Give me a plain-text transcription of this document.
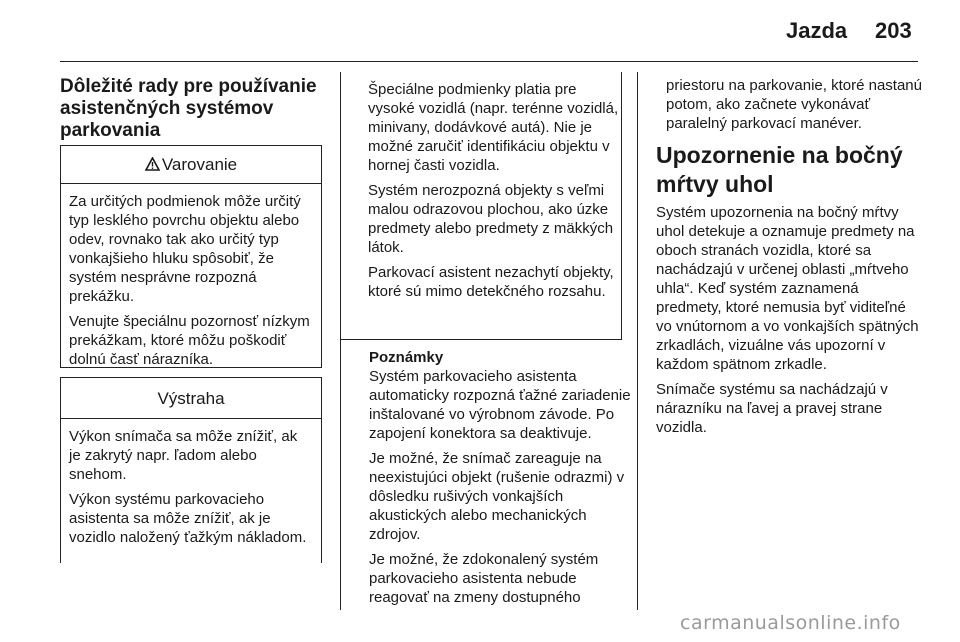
Jazda 203
Dôležité rady pre používanie asistenčných systémov parkovania
Varovanie

Za určitých podmienok môže určitý typ lesklého povrchu objektu alebo odev, rovnako tak ako určitý typ vonkajšieho hluku spôsobiť, že systém nesprávne rozpozná prekážku.

Venujte špeciálnu pozornosť nízkym prekážkam, ktoré môžu poškodiť dolnú časť nárazníka.

Výstraha

Výkon snímača sa môže znížiť, ak je zakrytý napr. ľadom alebo snehom.

Výkon systému parkovacieho asistenta sa môže znížiť, ak je vozidlo naložený ťažkým nákladom.

Špeciálne podmienky platia pre vysoké vozidlá (napr. terénne vozidlá, minivany, dodávkové autá). Nie je možné zaručiť identifikáciu objektu v hornej časti vozidla.

Systém nerozpozná objekty s veľmi malou odrazovou plochou, ako úzke predmety alebo predmety z mäkkých látok.

Parkovací asistent nezachytí objekty, ktoré sú mimo detekčného rozsahu.

Poznámky

Systém parkovacieho asistenta automaticky rozpozná ťažné zariadenie inštalované vo výrobnom závode. Po zapojení konektora sa deaktivuje.

Je možné, že snímač zareaguje na neexistujúci objekt (rušenie odrazmi) v dôsledku rušivých vonkajších akustických alebo mechanických zdrojov.

Je možné, že zdokonalený systém parkovacieho asistenta nebude reagovať na zmeny dostupného

priestoru na parkovanie, ktoré nastanú potom, ako začnete vykonávať paralelný parkovací manéver.

Upozornenie na bočný mŕtvy uhol

Systém upozornenia na bočný mŕtvy uhol detekuje a oznamuje predmety na oboch stranách vozidla, ktoré sa nachádzajú v určenej oblasti „mŕtveho uhla“. Keď systém zaznamená predmety, ktoré nemusia byť viditeľné vo vnútornom a vo vonkajších spätných zrkadlách, vizuálne vás upozorní v každom spätnom zrkadle.

Snímače systému sa nachádzajú v nárazníku na ľavej a pravej strane vozidla.

carmanualsonline.info
